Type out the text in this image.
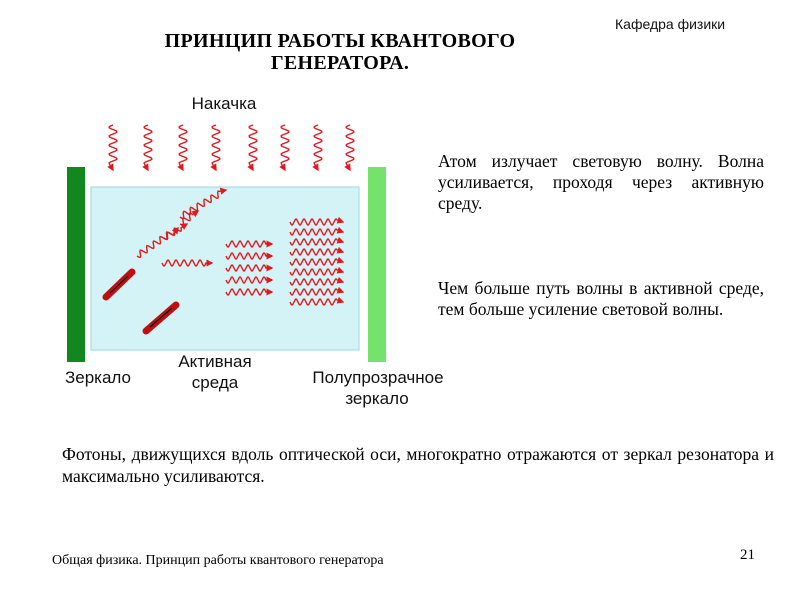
Кафедра физики
ПРИНЦИП РАБОТЫ КВАНТОВОГО
ГЕНЕРАТОРА.
Накачка
Зеркало
Активная
среда	Полупрозрачное
зеркало
Атом излучает световую волну. Волна усиливается, проходя через активную среду.
Чем больше путь волны в активной среде, тем больше усиление световой волны.
Фотоны, движущихся вдоль оптической оси, многократно отражаются от зеркал резонатора и максимально усиливаются.
Общая физика. Принцип работы квантового генератора	21
